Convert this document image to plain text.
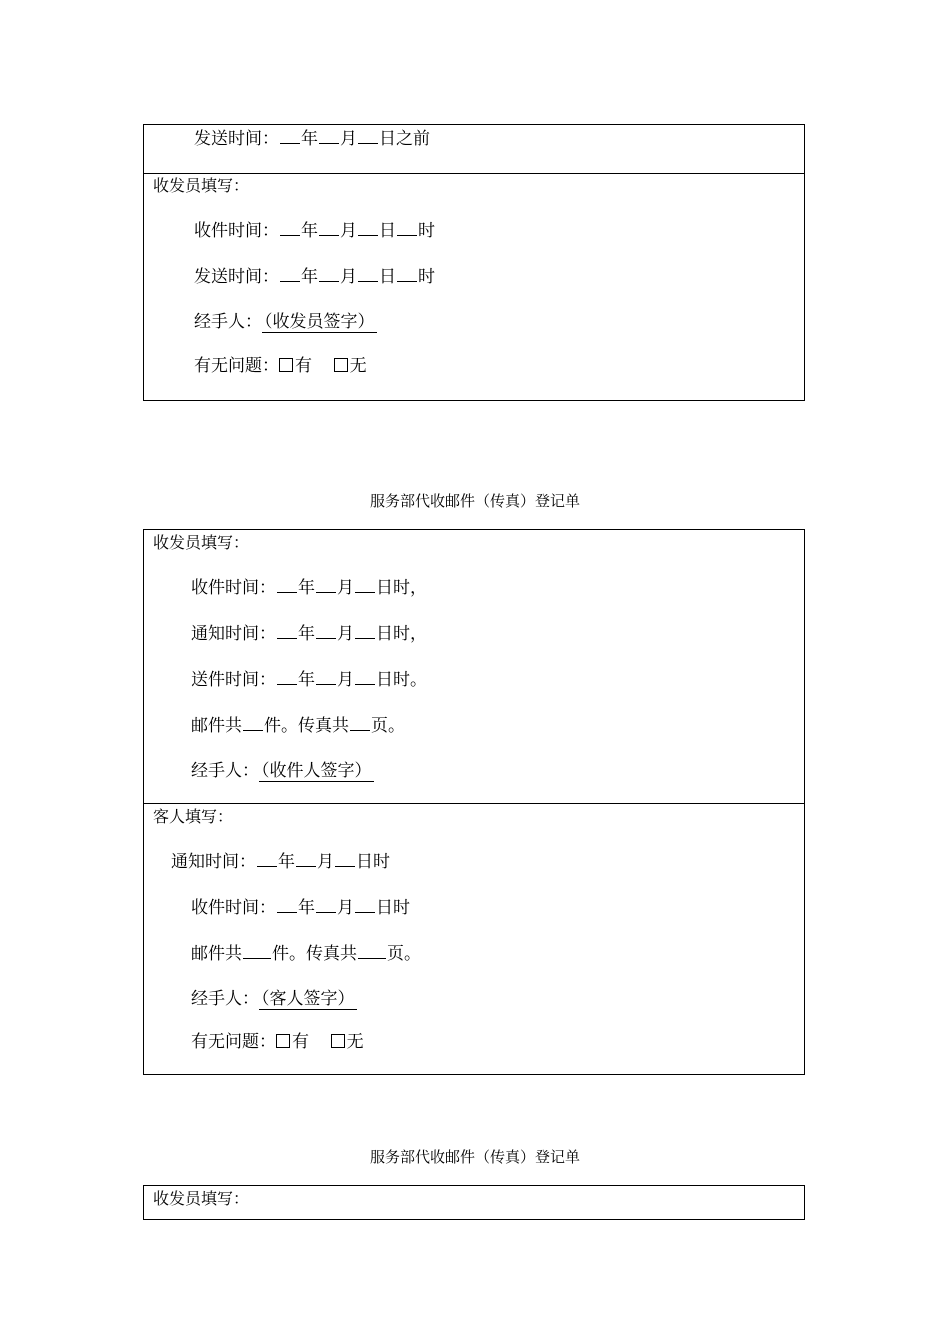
发送时间： 年 月 日之前
收发员填写：
收件时间： 年 月 日 时
发送时间： 年 月 日 时
经手人： （收发员签字）
有无问题： 有 无
服务部代收邮件（传真）登记单
收发员填写：
收件时间： 年 月 日时，
通知时间： 年 月 日时，
送件时间： 年 月 日时。
邮件共 件。传真共 页。
经手人： （收件人签字）
客人填写：
通知时间： 年 月 日时
收件时间： 年 月 日时
邮件共 件。传真共 页。
经手人： （客人签字）
有无问题： 有 无
服务部代收邮件（传真）登记单
收发员填写：
